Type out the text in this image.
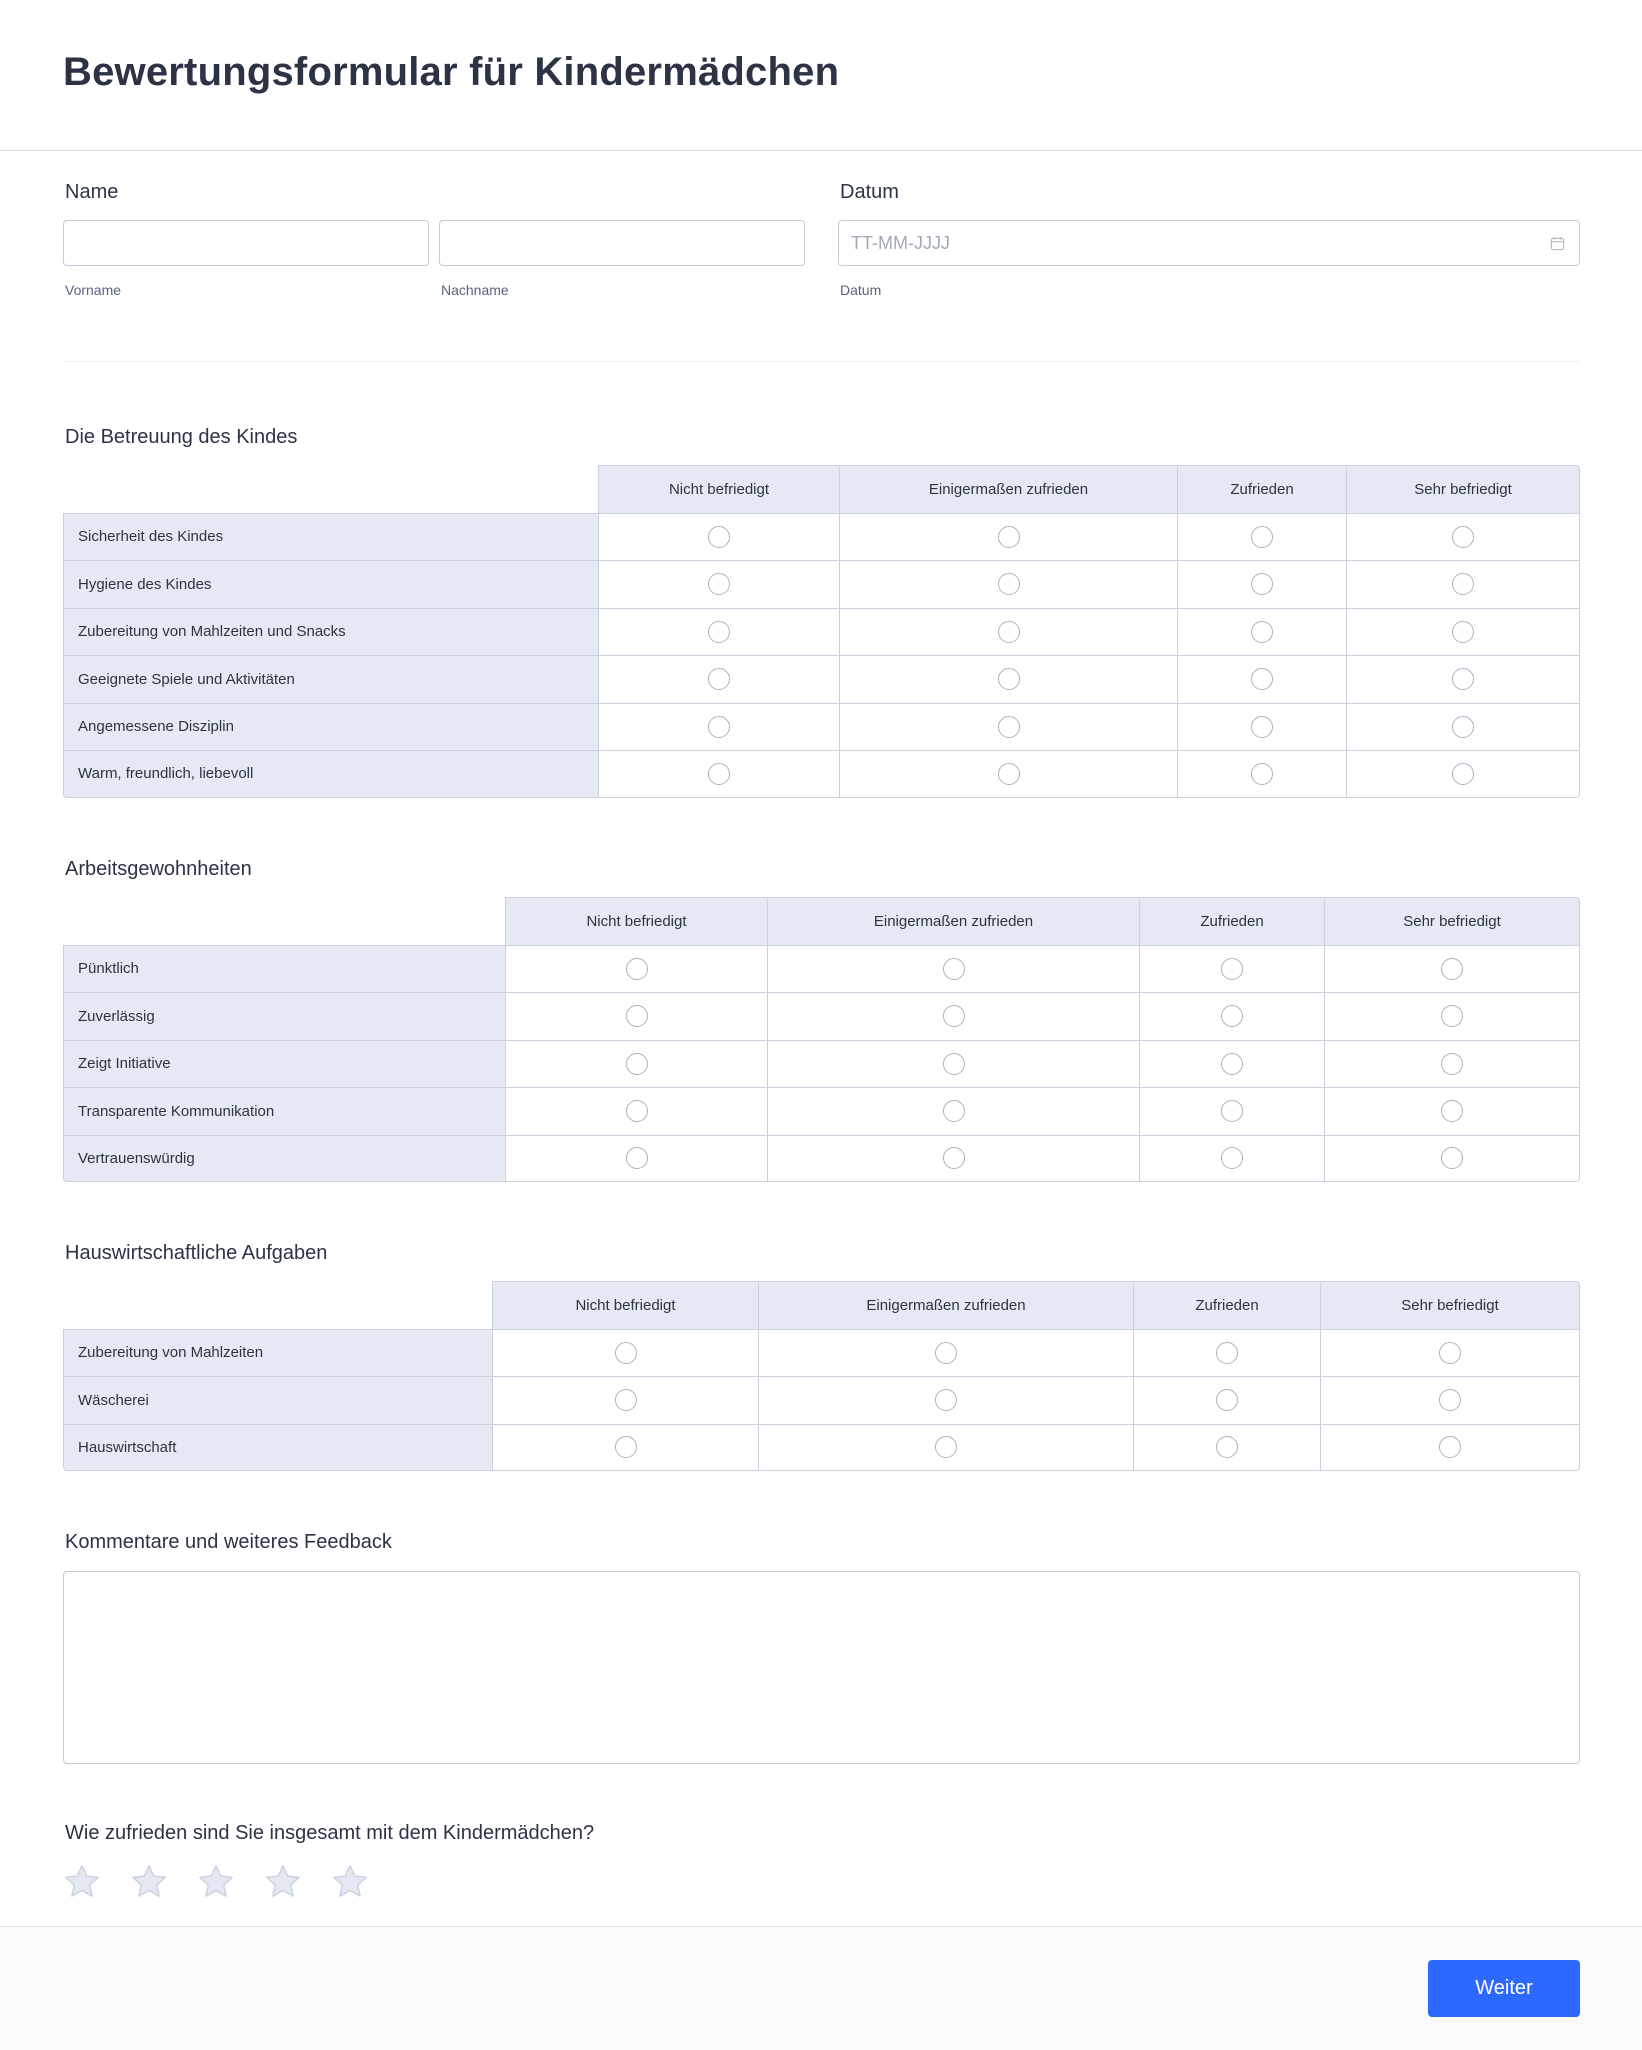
Bewertungsformular für Kindermädchen
Name
Vorname	Nachname
Datum
TT-MM-JJJJ
Datum
Die Betreuung des Kindes
	Nicht befriedigt	Einigermaßen zufrieden	Zufrieden	Sehr befriedigt
Sicherheit des Kindes				
Hygiene des Kindes				
Zubereitung von Mahlzeiten und Snacks				
Geeignete Spiele und Aktivitäten				
Angemessene Disziplin				
Warm, freundlich, liebevoll				
Arbeitsgewohnheiten
	Nicht befriedigt	Einigermaßen zufrieden	Zufrieden	Sehr befriedigt
Pünktlich				
Zuverlässig				
Zeigt Initiative				
Transparente Kommunikation				
Vertrauenswürdig				
Hauswirtschaftliche Aufgaben
	Nicht befriedigt	Einigermaßen zufrieden	Zufrieden	Sehr befriedigt
Zubereitung von Mahlzeiten				
Wäscherei				
Hauswirtschaft				
Kommentare und weiteres Feedback
Wie zufrieden sind Sie insgesamt mit dem Kindermädchen?
Weiter
